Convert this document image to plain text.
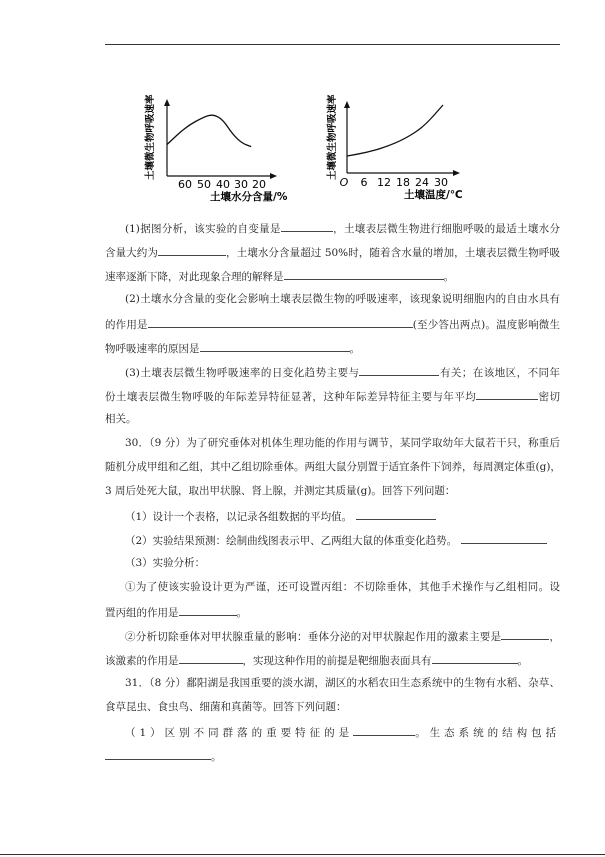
60 50 40 30 20
土壤水分含量/%
土壤微生物呼吸速率
O 6 12 18 24 30
土壤温度/℃
土壤微生物呼吸速率
(1)据图分析，该实验的自变量是	，土壤表层微生物进行细胞呼吸的最适土壤水分
含量大约为	，土壤水分含量超过 50%时，随着含水量的增加，土壤表层微生物呼吸
速率逐渐下降，对此现象合理的解释是	。
(2)土壤水分含量的变化会影响土壤表层微生物的呼吸速率，该现象说明细胞内的自由水具有
的作用是	(至少答出两点)。温度影响微生
物呼吸速率的原因是	。
(3)土壤表层微生物呼吸速率的日变化趋势主要与	有关；在该地区，不同年
份土壤表层微生物呼吸的年际差异特征显著，这种年际差异特征主要与年平均	密切
相关。
30．（9 分）为了研究垂体对机体生理功能的作用与调节，某同学取幼年大鼠若干只，称重后
随机分成甲组和乙组，其中乙组切除垂体。两组大鼠分别置于适宜条件下饲养，每周测定体重(g)，
3 周后处死大鼠，取出甲状腺、肾上腺，并测定其质量(g)。回答下列问题：
（1）设计一个表格，以记录各组数据的平均值。
（2）实验结果预测：绘制曲线图表示甲、乙两组大鼠的体重变化趋势。
（3）实验分析：
①为了使该实验设计更为严谨，还可设置丙组：不切除垂体，其他手术操作与乙组相同。设
置丙组的作用是	。
②分析切除垂体对甲状腺重量的影响：垂体分泌的对甲状腺起作用的激素主要是	，
该激素的作用是	，实现这种作用的前提是靶细胞表面具有	。
31．（8 分）鄱阳湖是我国重要的淡水湖，湖区的水稻农田生态系统中的生物有水稻、杂草、
食草昆虫、食虫鸟、细菌和真菌等。回答下列问题：
（1）区别不同群落的重要特征的是	。生态系统的结构包括
。
